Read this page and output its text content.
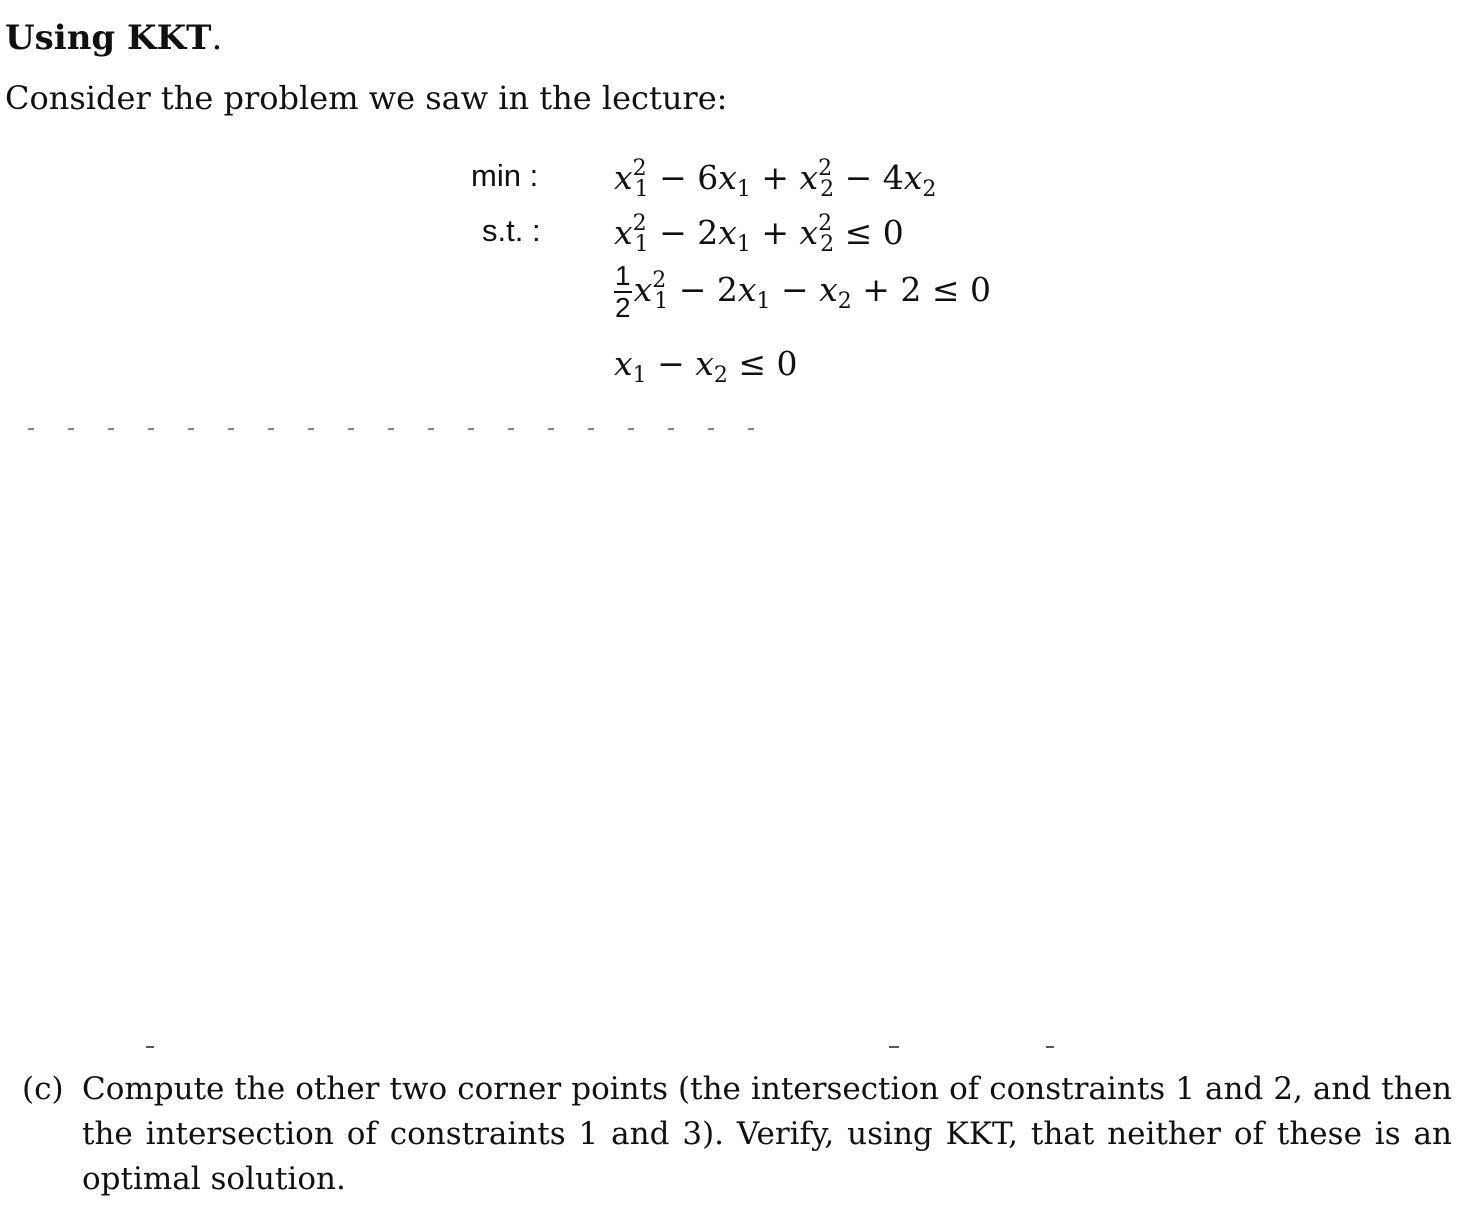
Using KKT.
Consider the problem we saw in the lecture:
min :
s.t. :
$x^2_1 - 6x_1 + x^2_2 - 4x_2$
$x^2_1 - 2x_1 + x^2_2 \le 0$
$\frac{1}{2} x^2_1 - 2x_1 - x_2 + 2 \le 0$
$x_1 - x_2 \le 0$
(c) Compute the other two corner points (the intersection of constraints 1 and 2, and then the intersection of constraints 1 and 3). Verify, using KKT, that neither of these is an optimal solution.
